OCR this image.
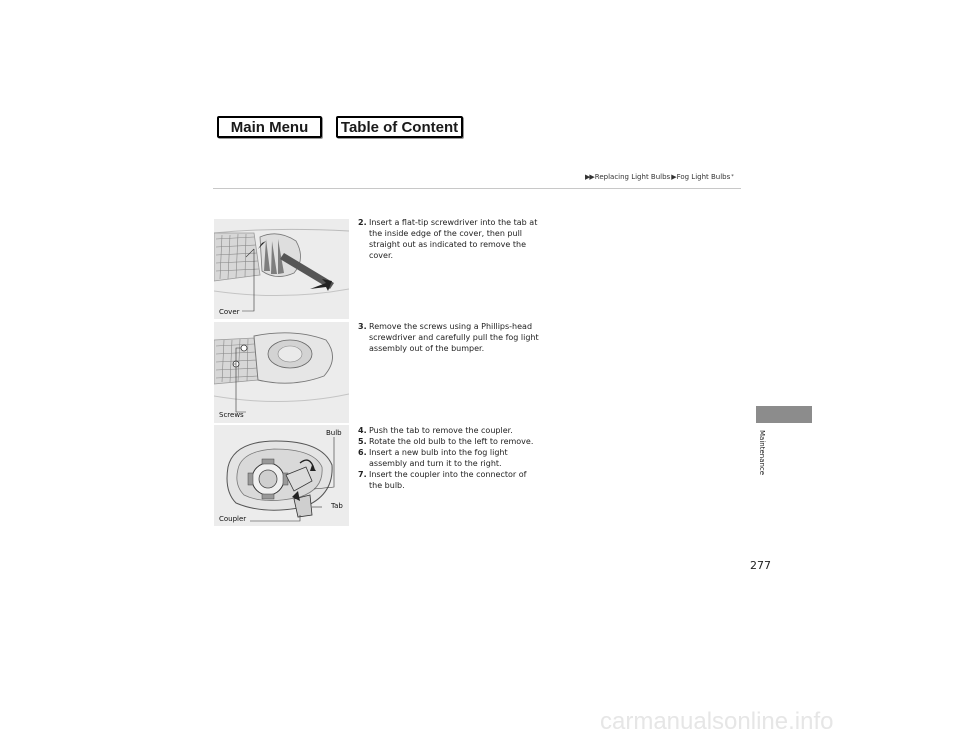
Main Menu	Table of Content
▶▶ Replacing Light Bulbs ▶ Fog Light Bulbs *
Cover
Screws
Bulb
Tab
Coupler
2. Insert a flat-tip screwdriver into the tab at the inside edge of the cover, then pull straight out as indicated to remove the cover.
3. Remove the screws using a Phillips-head screwdriver and carefully pull the fog light assembly out of the bumper.
4. Push the tab to remove the coupler.
5. Rotate the old bulb to the left to remove.
6. Insert a new bulb into the fog light assembly and turn it to the right.
7. Insert the coupler into the connector of the bulb.
Maintenance
277
carmanualsonline.info
